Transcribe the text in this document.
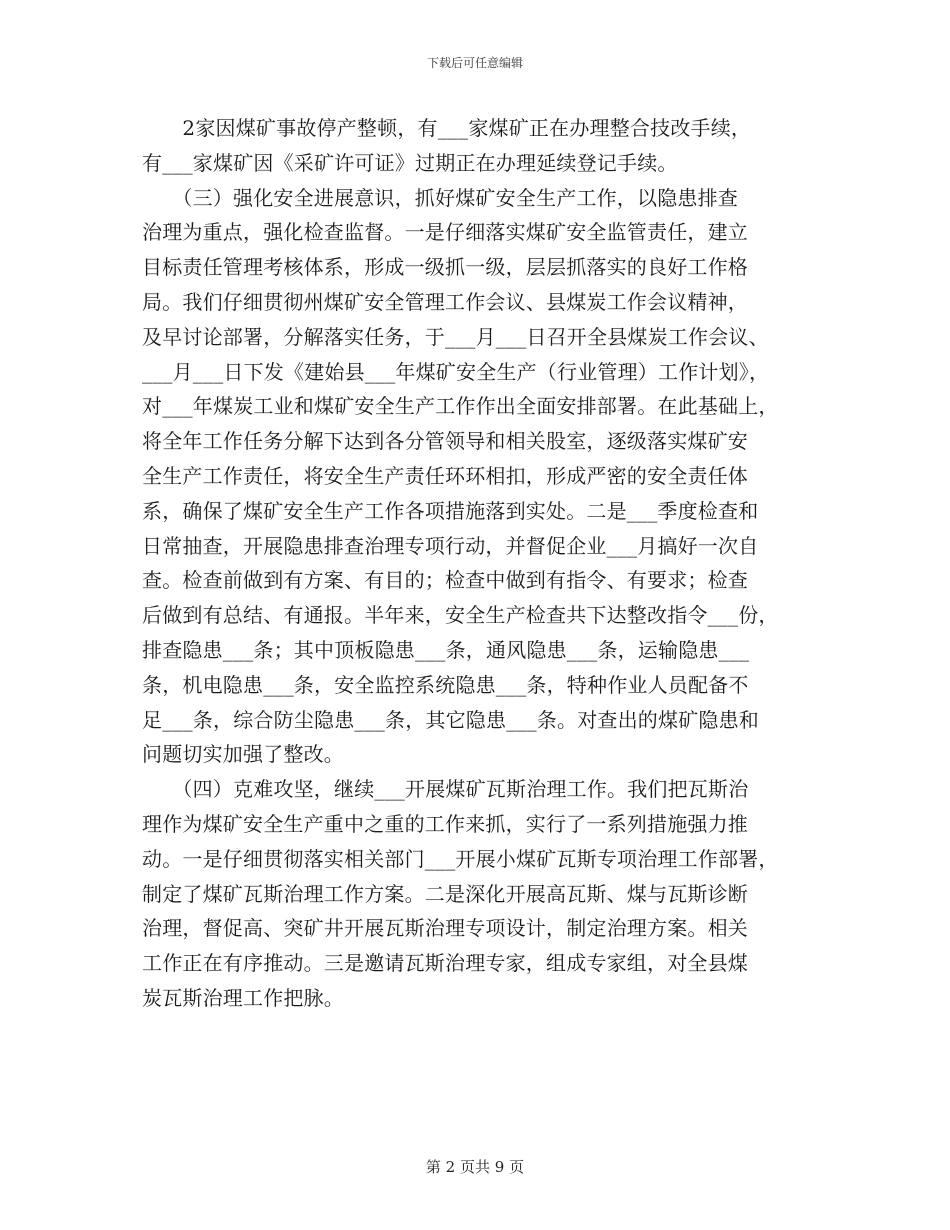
下载后可任意编辑
　　2家因煤矿事故停产整顿，有___家煤矿正在办理整合技改手续，
有___家煤矿因《采矿许可证》过期正在办理延续登记手续。
　　（三）强化安全进展意识，抓好煤矿安全生产工作，以隐患排查
治理为重点，强化检查监督。一是仔细落实煤矿安全监管责任，建立
目标责任管理考核体系，形成一级抓一级，层层抓落实的良好工作格
局。我们仔细贯彻州煤矿安全管理工作会议、县煤炭工作会议精神，
及早讨论部署，分解落实任务，于___月___日召开全县煤炭工作会议、
___月___日下发《建始县___年煤矿安全生产（行业管理）工作计划》，
对___年煤炭工业和煤矿安全生产工作作出全面安排部署。在此基础上，
将全年工作任务分解下达到各分管领导和相关股室，逐级落实煤矿安
全生产工作责任，将安全生产责任环环相扣，形成严密的安全责任体
系，确保了煤矿安全生产工作各项措施落到实处。二是___季度检查和
日常抽查，开展隐患排查治理专项行动，并督促企业___月搞好一次自
查。检查前做到有方案、有目的；检查中做到有指令、有要求；检查
后做到有总结、有通报。半年来，安全生产检查共下达整改指令___份，
排查隐患___条；其中顶板隐患___条，通风隐患___条，运输隐患___
条，机电隐患___条，安全监控系统隐患___条，特种作业人员配备不
足___条，综合防尘隐患___条，其它隐患___条。对查出的煤矿隐患和
问题切实加强了整改。
　　（四）克难攻坚，继续___开展煤矿瓦斯治理工作。我们把瓦斯治
理作为煤矿安全生产重中之重的工作来抓，实行了一系列措施强力推
动。一是仔细贯彻落实相关部门___开展小煤矿瓦斯专项治理工作部署，
制定了煤矿瓦斯治理工作方案。二是深化开展高瓦斯、煤与瓦斯诊断
治理，督促高、突矿井开展瓦斯治理专项设计，制定治理方案。相关
工作正在有序推动。三是邀请瓦斯治理专家，组成专家组，对全县煤
炭瓦斯治理工作把脉。
第 2 页共 9 页
